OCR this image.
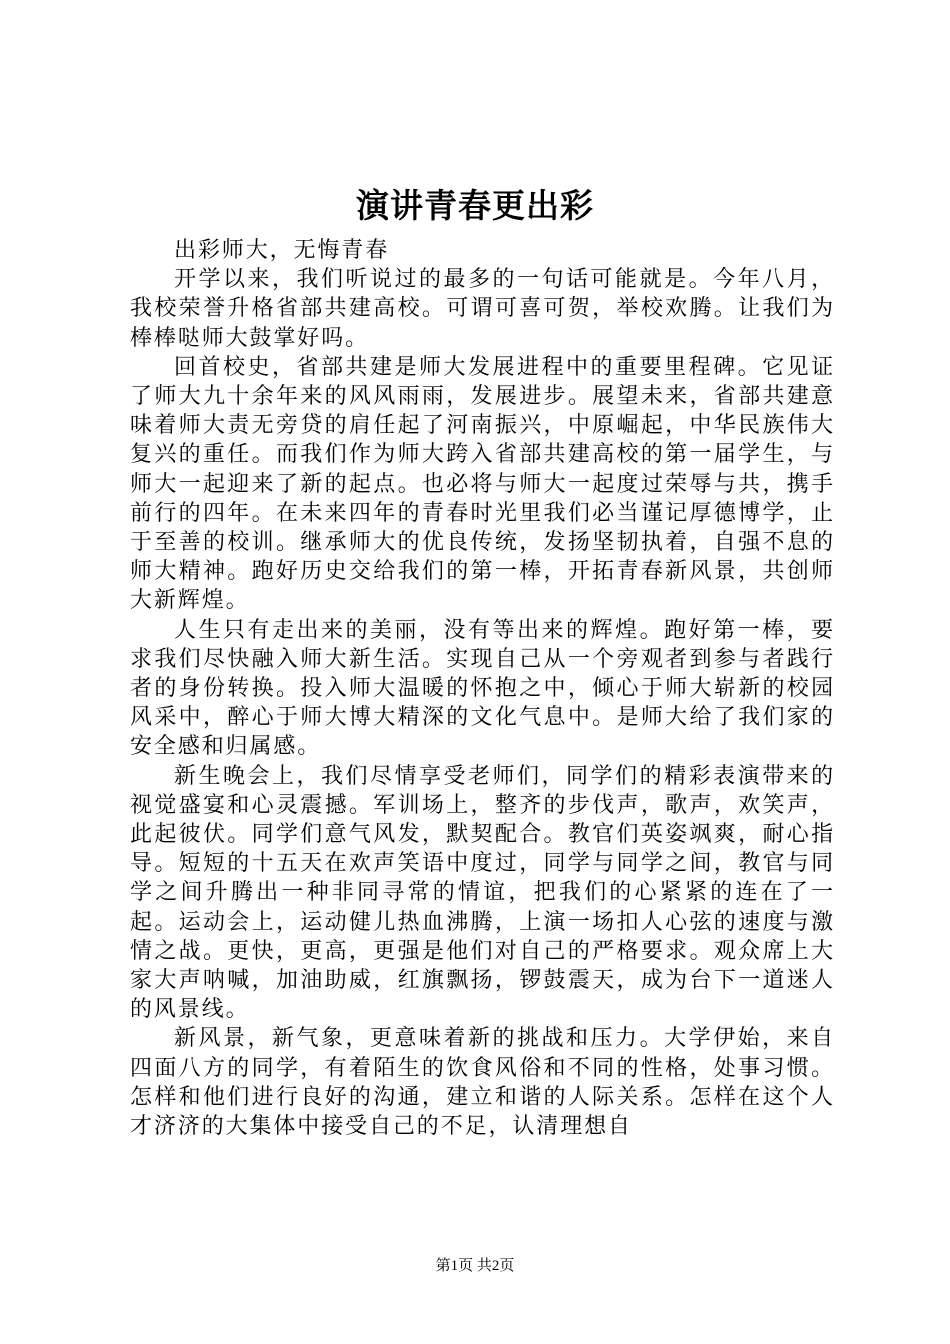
演讲青春更出彩

出彩师大，无悔青春

开学以来，我们听说过的最多的一句话可能就是。今年八月，我校荣誉升格省部共建高校。可谓可喜可贺，举校欢腾。让我们为棒棒哒师大鼓掌好吗。

回首校史，省部共建是师大发展进程中的重要里程碑。它见证了师大九十余年来的风风雨雨，发展进步。展望未来，省部共建意味着师大责无旁贷的肩任起了河南振兴，中原崛起，中华民族伟大复兴的重任。而我们作为师大跨入省部共建高校的第一届学生，与师大一起迎来了新的起点。也必将与师大一起度过荣辱与共，携手前行的四年。在未来四年的青春时光里我们必当谨记厚德博学，止于至善的校训。继承师大的优良传统，发扬坚韧执着，自强不息的师大精神。跑好历史交给我们的第一棒，开拓青春新风景，共创师大新辉煌。

人生只有走出来的美丽，没有等出来的辉煌。跑好第一棒，要求我们尽快融入师大新生活。实现自己从一个旁观者到参与者践行者的身份转换。投入师大温暖的怀抱之中，倾心于师大崭新的校园风采中，醉心于师大博大精深的文化气息中。是师大给了我们家的安全感和归属感。

新生晚会上，我们尽情享受老师们，同学们的精彩表演带来的视觉盛宴和心灵震撼。军训场上，整齐的步伐声，歌声，欢笑声，此起彼伏。同学们意气风发，默契配合。教官们英姿飒爽，耐心指导。短短的十五天在欢声笑语中度过，同学与同学之间，教官与同学之间升腾出一种非同寻常的情谊，把我们的心紧紧的连在了一起。运动会上，运动健儿热血沸腾，上演一场扣人心弦的速度与激情之战。更快，更高，更强是他们对自己的严格要求。观众席上大家大声呐喊，加油助威，红旗飘扬，锣鼓震天，成为台下一道迷人的风景线。

新风景，新气象，更意味着新的挑战和压力。大学伊始，来自四面八方的同学，有着陌生的饮食风俗和不同的性格，处事习惯。怎样和他们进行良好的沟通，建立和谐的人际关系。怎样在这个人才济济的大集体中接受自己的不足，认清理想自

第1页 共2页
